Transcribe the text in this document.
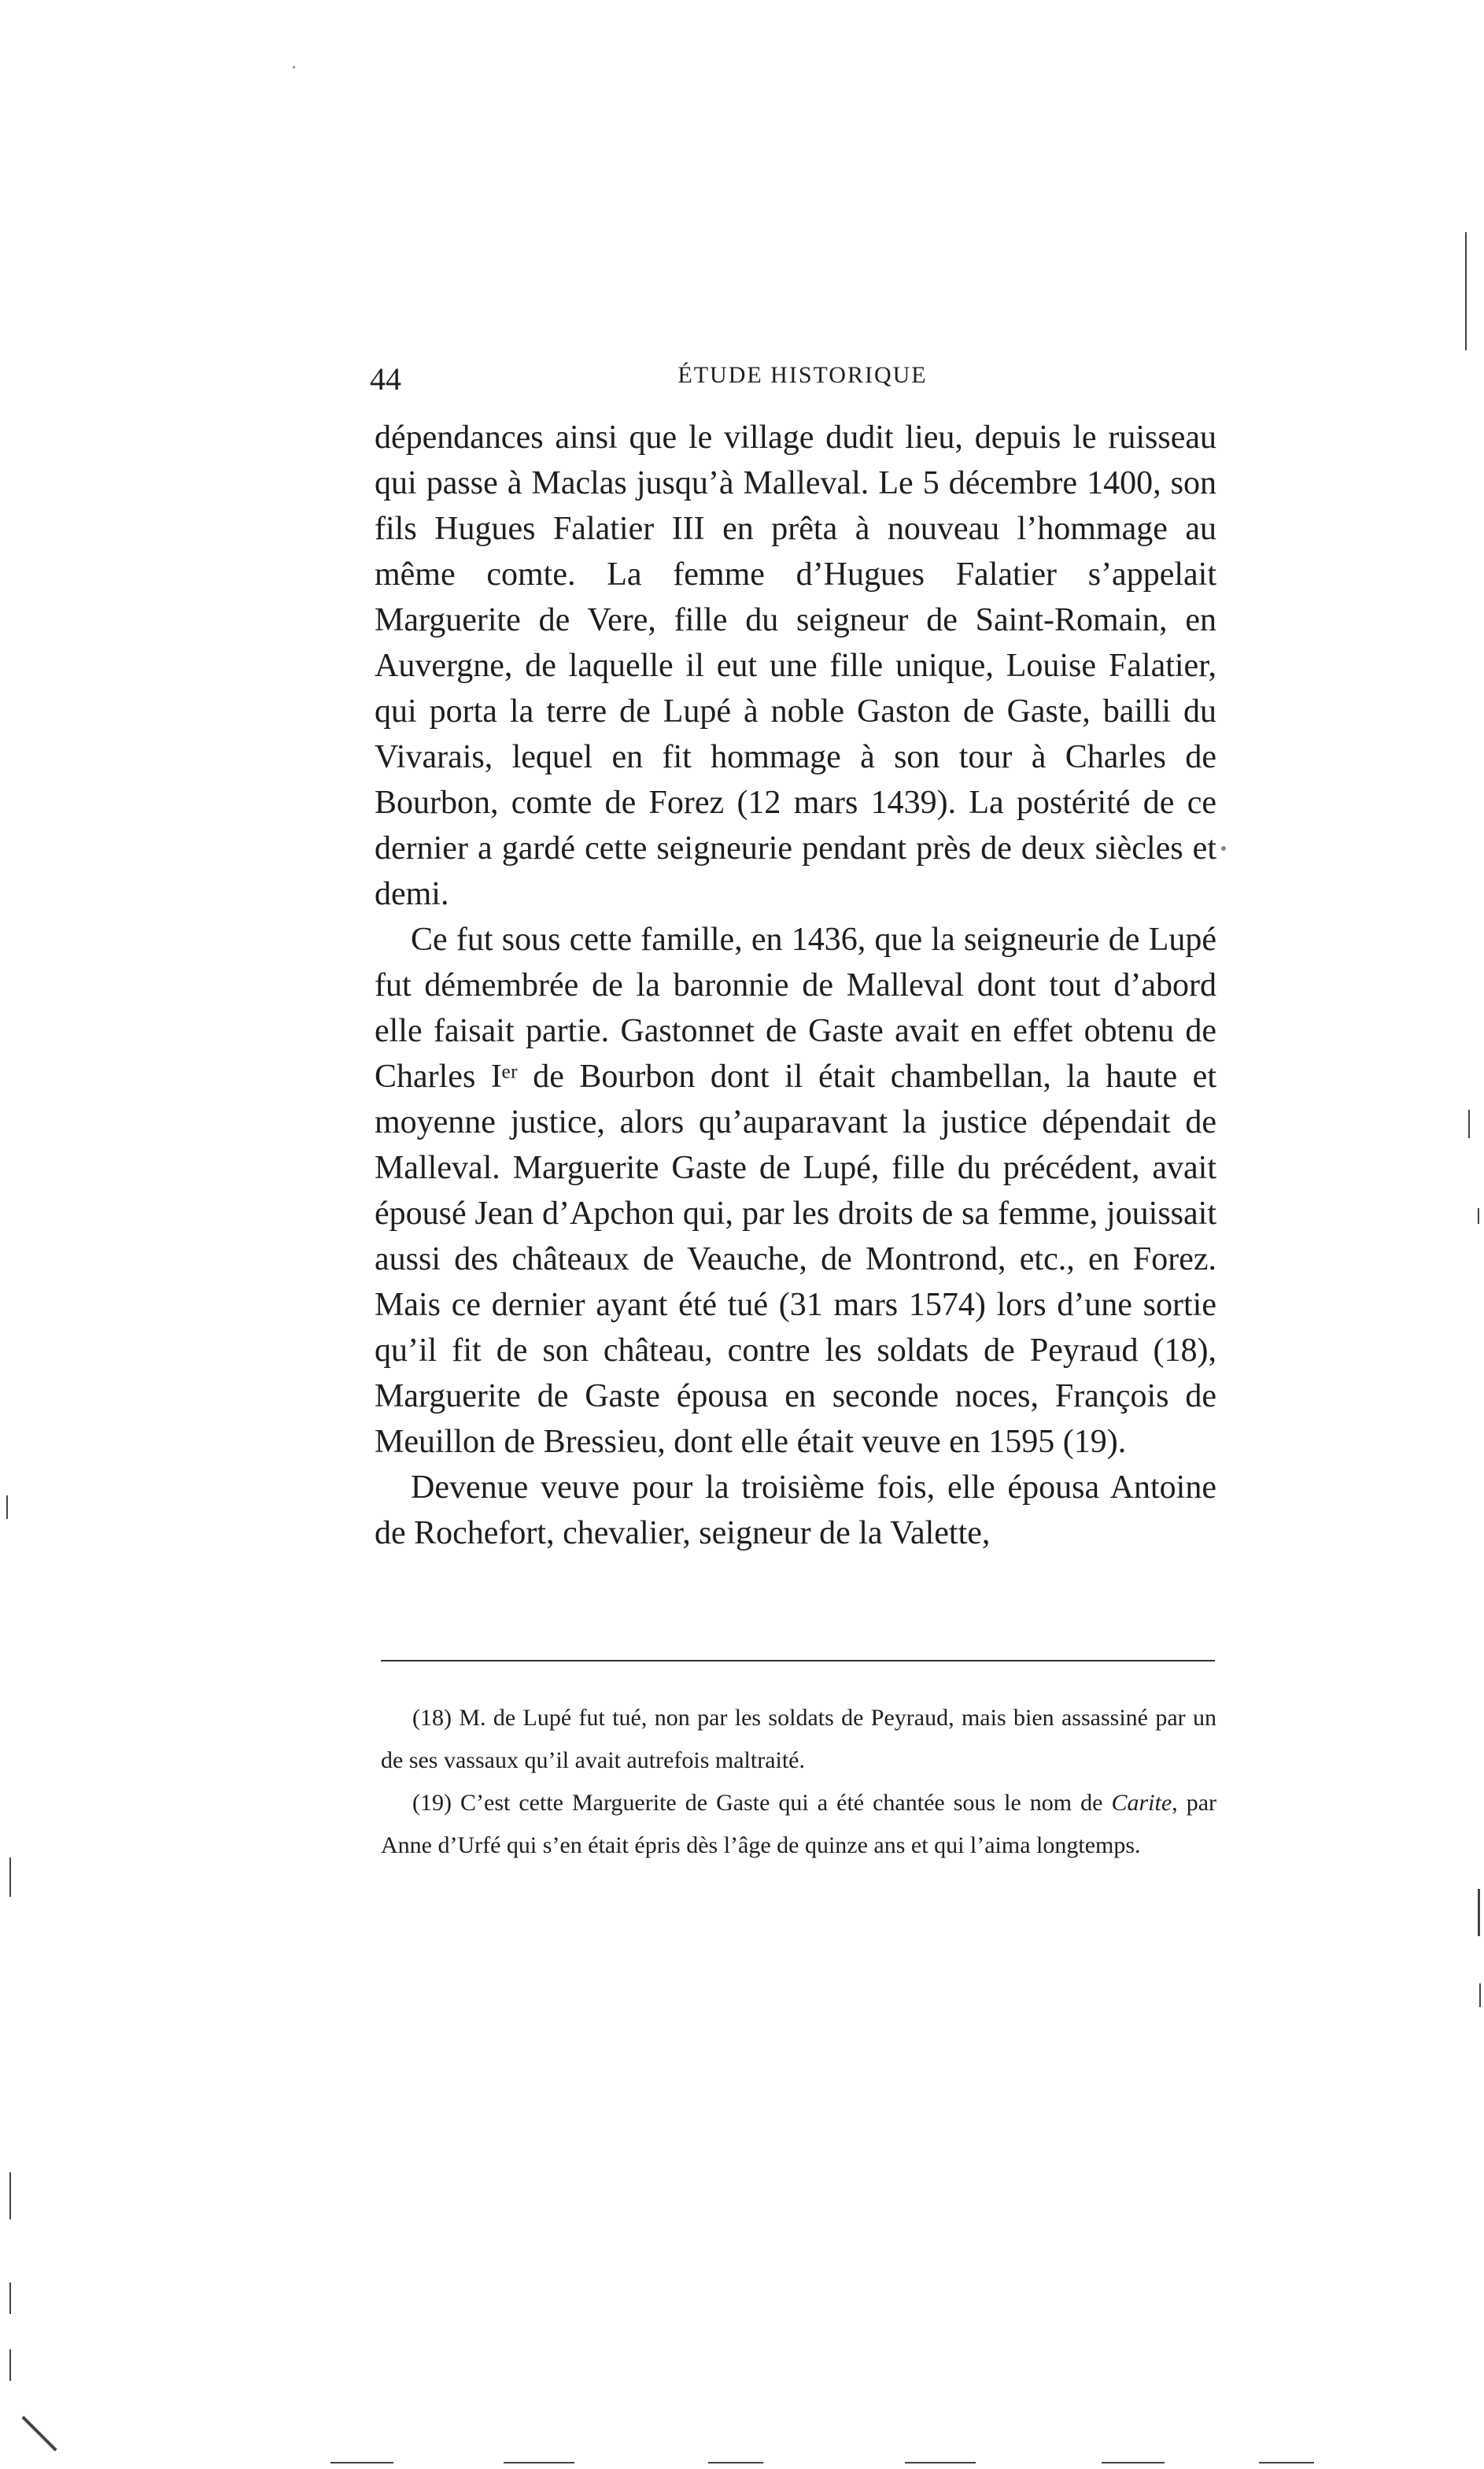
44	ÉTUDE HISTORIQUE

dépendances ainsi que le village dudit lieu, depuis le ruisseau qui passe à Maclas jusqu’à Malleval. Le 5 décembre 1400, son fils Hugues Falatier III en prêta à nouveau l’hommage au même comte. La femme d’Hugues Falatier s’appelait Marguerite de Vere, fille du seigneur de Saint-Romain, en Auvergne, de laquelle il eut une fille unique, Louise Falatier, qui porta la terre de Lupé à noble Gaston de Gaste, bailli du Vivarais, lequel en fit hommage à son tour à Charles de Bourbon, comte de Forez (12 mars 1439). La postérité de ce dernier a gardé cette seigneurie pendant près de deux siècles et demi.

Ce fut sous cette famille, en 1436, que la seigneurie de Lupé fut démembrée de la baronnie de Malleval dont tout d’abord elle faisait partie. Gastonnet de Gaste avait en effet obtenu de Charles Iᵉʳ de Bourbon dont il était chambellan, la haute et moyenne justice, alors qu’auparavant la justice dépendait de Malleval. Marguerite Gaste de Lupé, fille du précédent, avait épousé Jean d’Apchon qui, par les droits de sa femme, jouissait aussi des châteaux de Veauche, de Montrond, etc., en Forez. Mais ce dernier ayant été tué (31 mars 1574) lors d’une sortie qu’il fit de son château, contre les soldats de Peyraud (18), Marguerite de Gaste épousa en seconde noces, François de Meuillon de Bressieu, dont elle était veuve en 1595 (19).

Devenue veuve pour la troisième fois, elle épousa Antoine de Rochefort, chevalier, seigneur de la Valette,

(18) M. de Lupé fut tué, non par les soldats de Peyraud, mais bien assassiné par un de ses vassaux qu’il avait autrefois maltraité.

(19) C’est cette Marguerite de Gaste qui a été chantée sous le nom de Carite, par Anne d’Urfé qui s’en était épris dès l’âge de quinze ans et qui l’aima longtemps.
